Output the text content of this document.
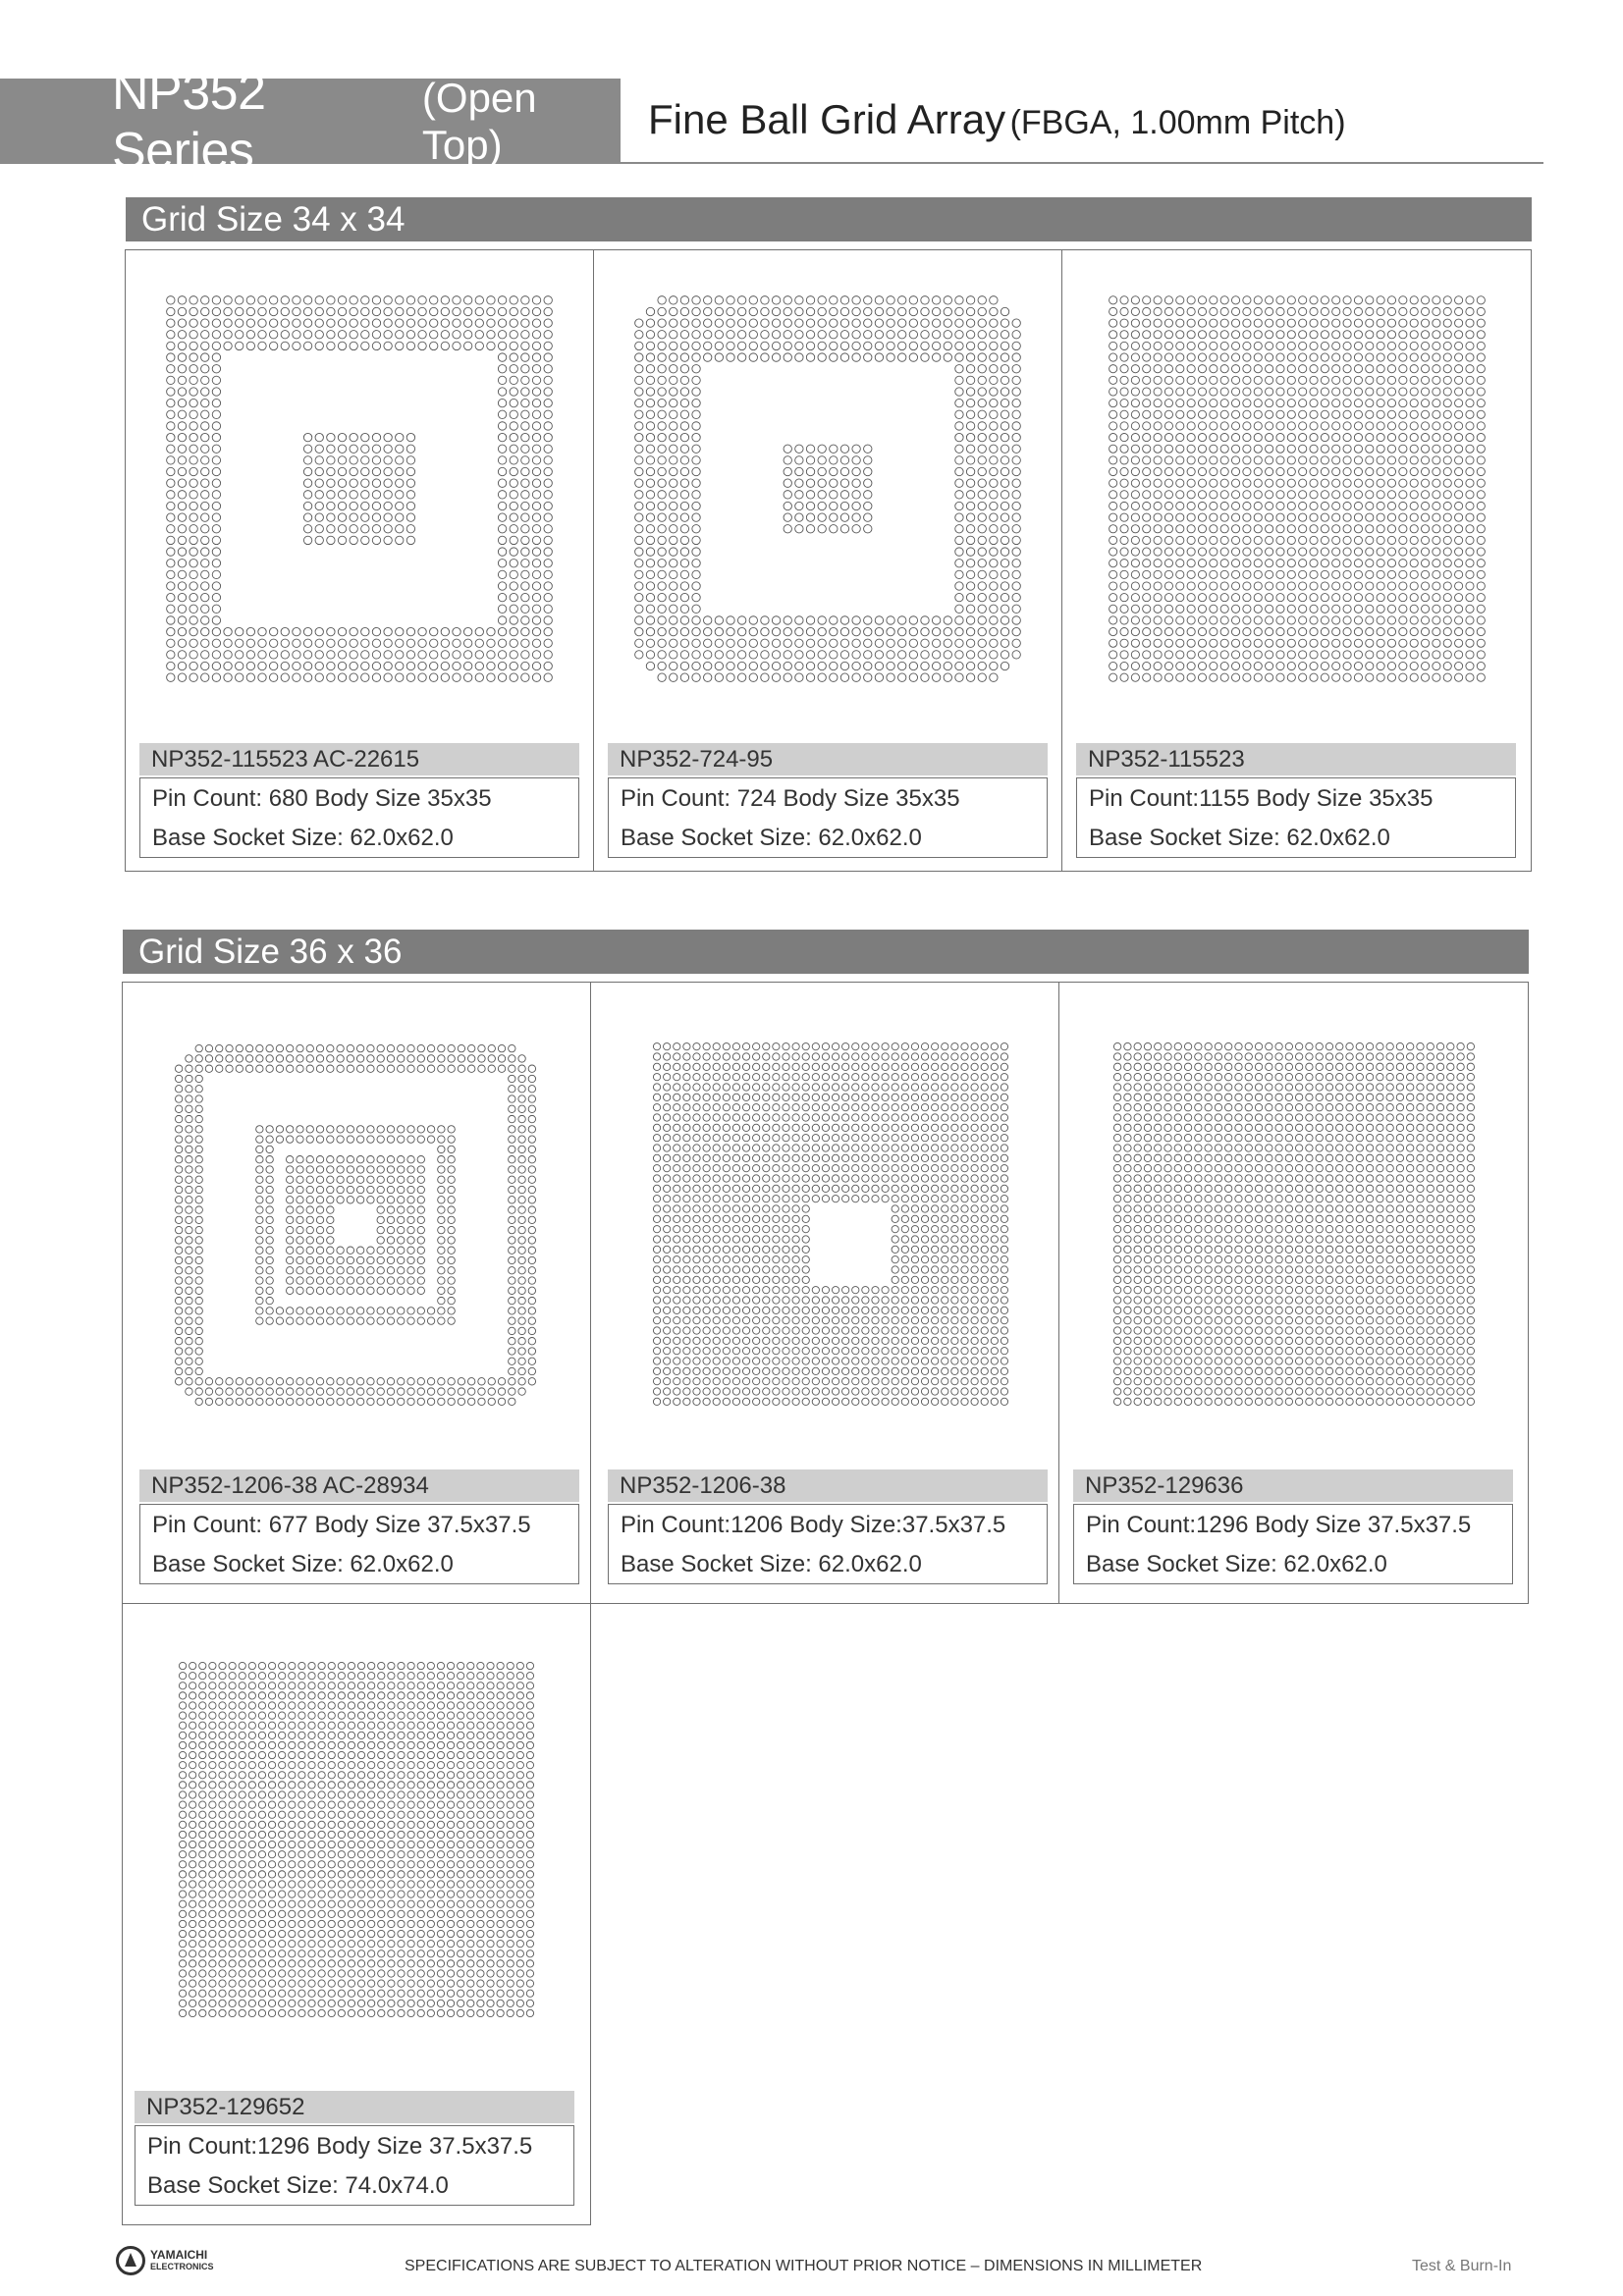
NP352 Series
(Open Top)
Fine Ball Grid Array (FBGA, 1.00mm Pitch)
Grid Size 34 x 34
NP352-115523 AC-22615
Pin Count: 680 Body Size 35x35
Base Socket Size: 62.0x62.0
NP352-724-95
Pin Count: 724 Body Size 35x35
Base Socket Size: 62.0x62.0
NP352-115523
Pin Count:1155 Body Size 35x35
Base Socket Size: 62.0x62.0
Grid Size 36 x 36
NP352-1206-38 AC-28934
Pin Count: 677 Body Size 37.5x37.5
Base Socket Size: 62.0x62.0
NP352-1206-38
Pin Count:1206 Body Size:37.5x37.5
Base Socket Size: 62.0x62.0
NP352-129636
Pin Count:1296 Body Size 37.5x37.5
Base Socket Size: 62.0x62.0
NP352-129652
Pin Count:1296 Body Size 37.5x37.5
Base Socket Size: 74.0x74.0
YAMAICHI
ELECTRONICS	SPECIFICATIONS ARE SUBJECT TO ALTERATION WITHOUT PRIOR NOTICE – DIMENSIONS IN MILLIMETER	Test & Burn-In
